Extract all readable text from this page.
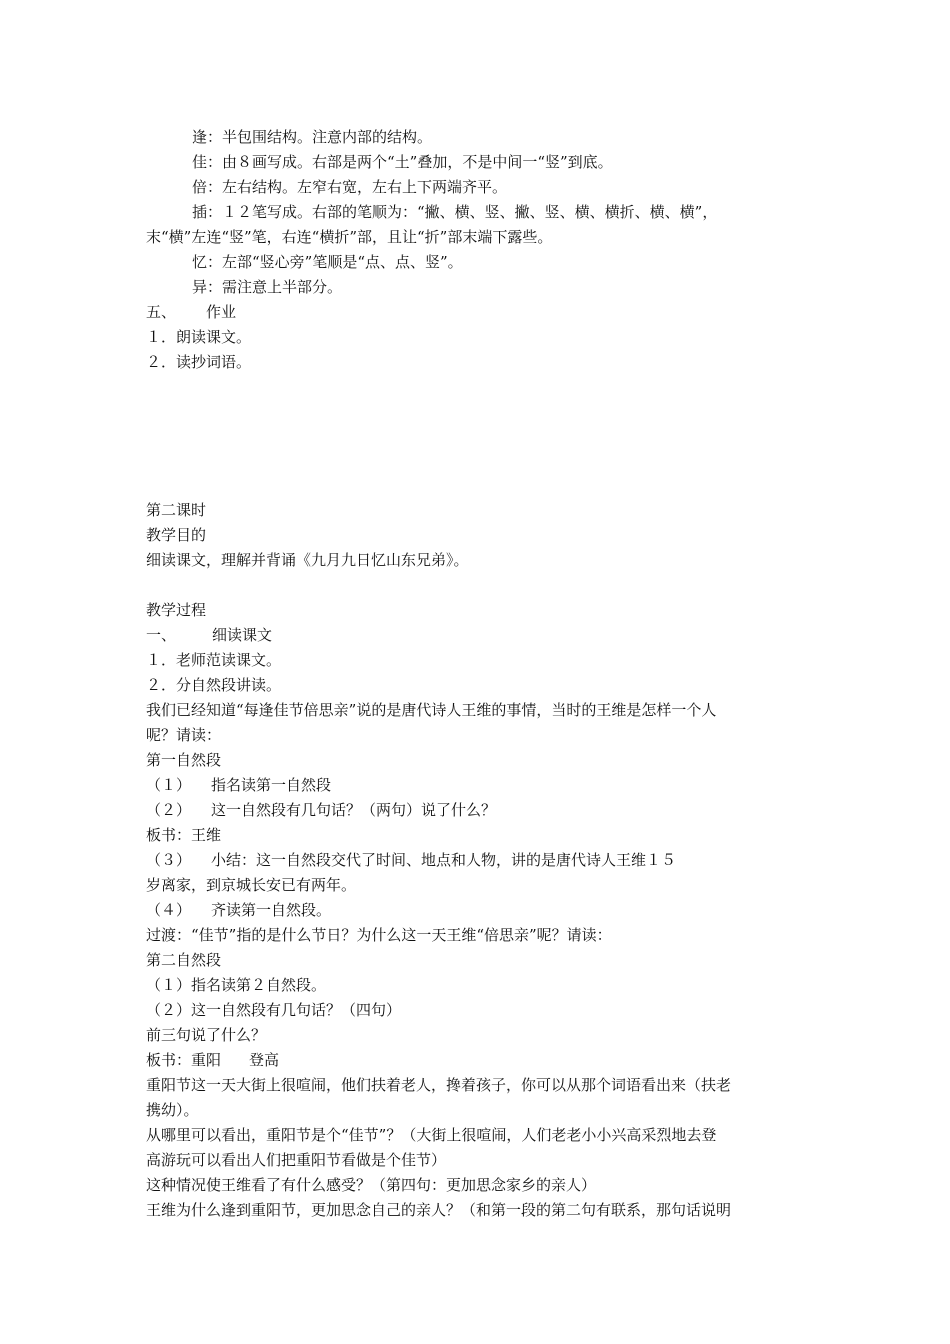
逢：半包围结构。注意内部的结构。
佳：由８画写成。右部是两个“土”叠加，不是中间一“竖”到底。
倍：左右结构。左窄右宽，左右上下两端齐平。
插：１２笔写成。右部的笔顺为：“撇、横、竖、撇、竖、横、横折、横、横”，
末“横”左连“竖”笔，右连“横折”部，且让“折”部末端下露些。
忆：左部“竖心旁”笔顺是“点、点、竖”。
异：需注意上半部分。
五、 作业
１．朗读课文。
２．读抄词语。
第二课时
教学目的
细读课文，理解并背诵《九月九日忆山东兄弟》。
教学过程
一、 细读课文
１．老师范读课文。
２．分自然段讲读。
我们已经知道“每逢佳节倍思亲”说的是唐代诗人王维的事情，当时的王维是怎样一个人
呢？请读：
第一自然段
（１） 指名读第一自然段
（２） 这一自然段有几句话？（两句）说了什么？
板书：王维
（３） 小结：这一自然段交代了时间、地点和人物，讲的是唐代诗人王维１５
岁离家，到京城长安已有两年。
（４） 齐读第一自然段。
过渡：“佳节”指的是什么节日？为什么这一天王维“倍思亲”呢？请读：
第二自然段
（１）指名读第２自然段。
（２）这一自然段有几句话？（四句）
前三句说了什么？
板书：重阳 登高
重阳节这一天大街上很喧闹，他们扶着老人，搀着孩子，你可以从那个词语看出来（扶老
携幼）。
从哪里可以看出，重阳节是个“佳节”？（大街上很喧闹，人们老老小小兴高采烈地去登
高游玩可以看出人们把重阳节看做是个佳节）
这种情况使王维看了有什么感受？（第四句：更加思念家乡的亲人）
王维为什么逢到重阳节，更加思念自己的亲人？（和第一段的第二句有联系，那句话说明
